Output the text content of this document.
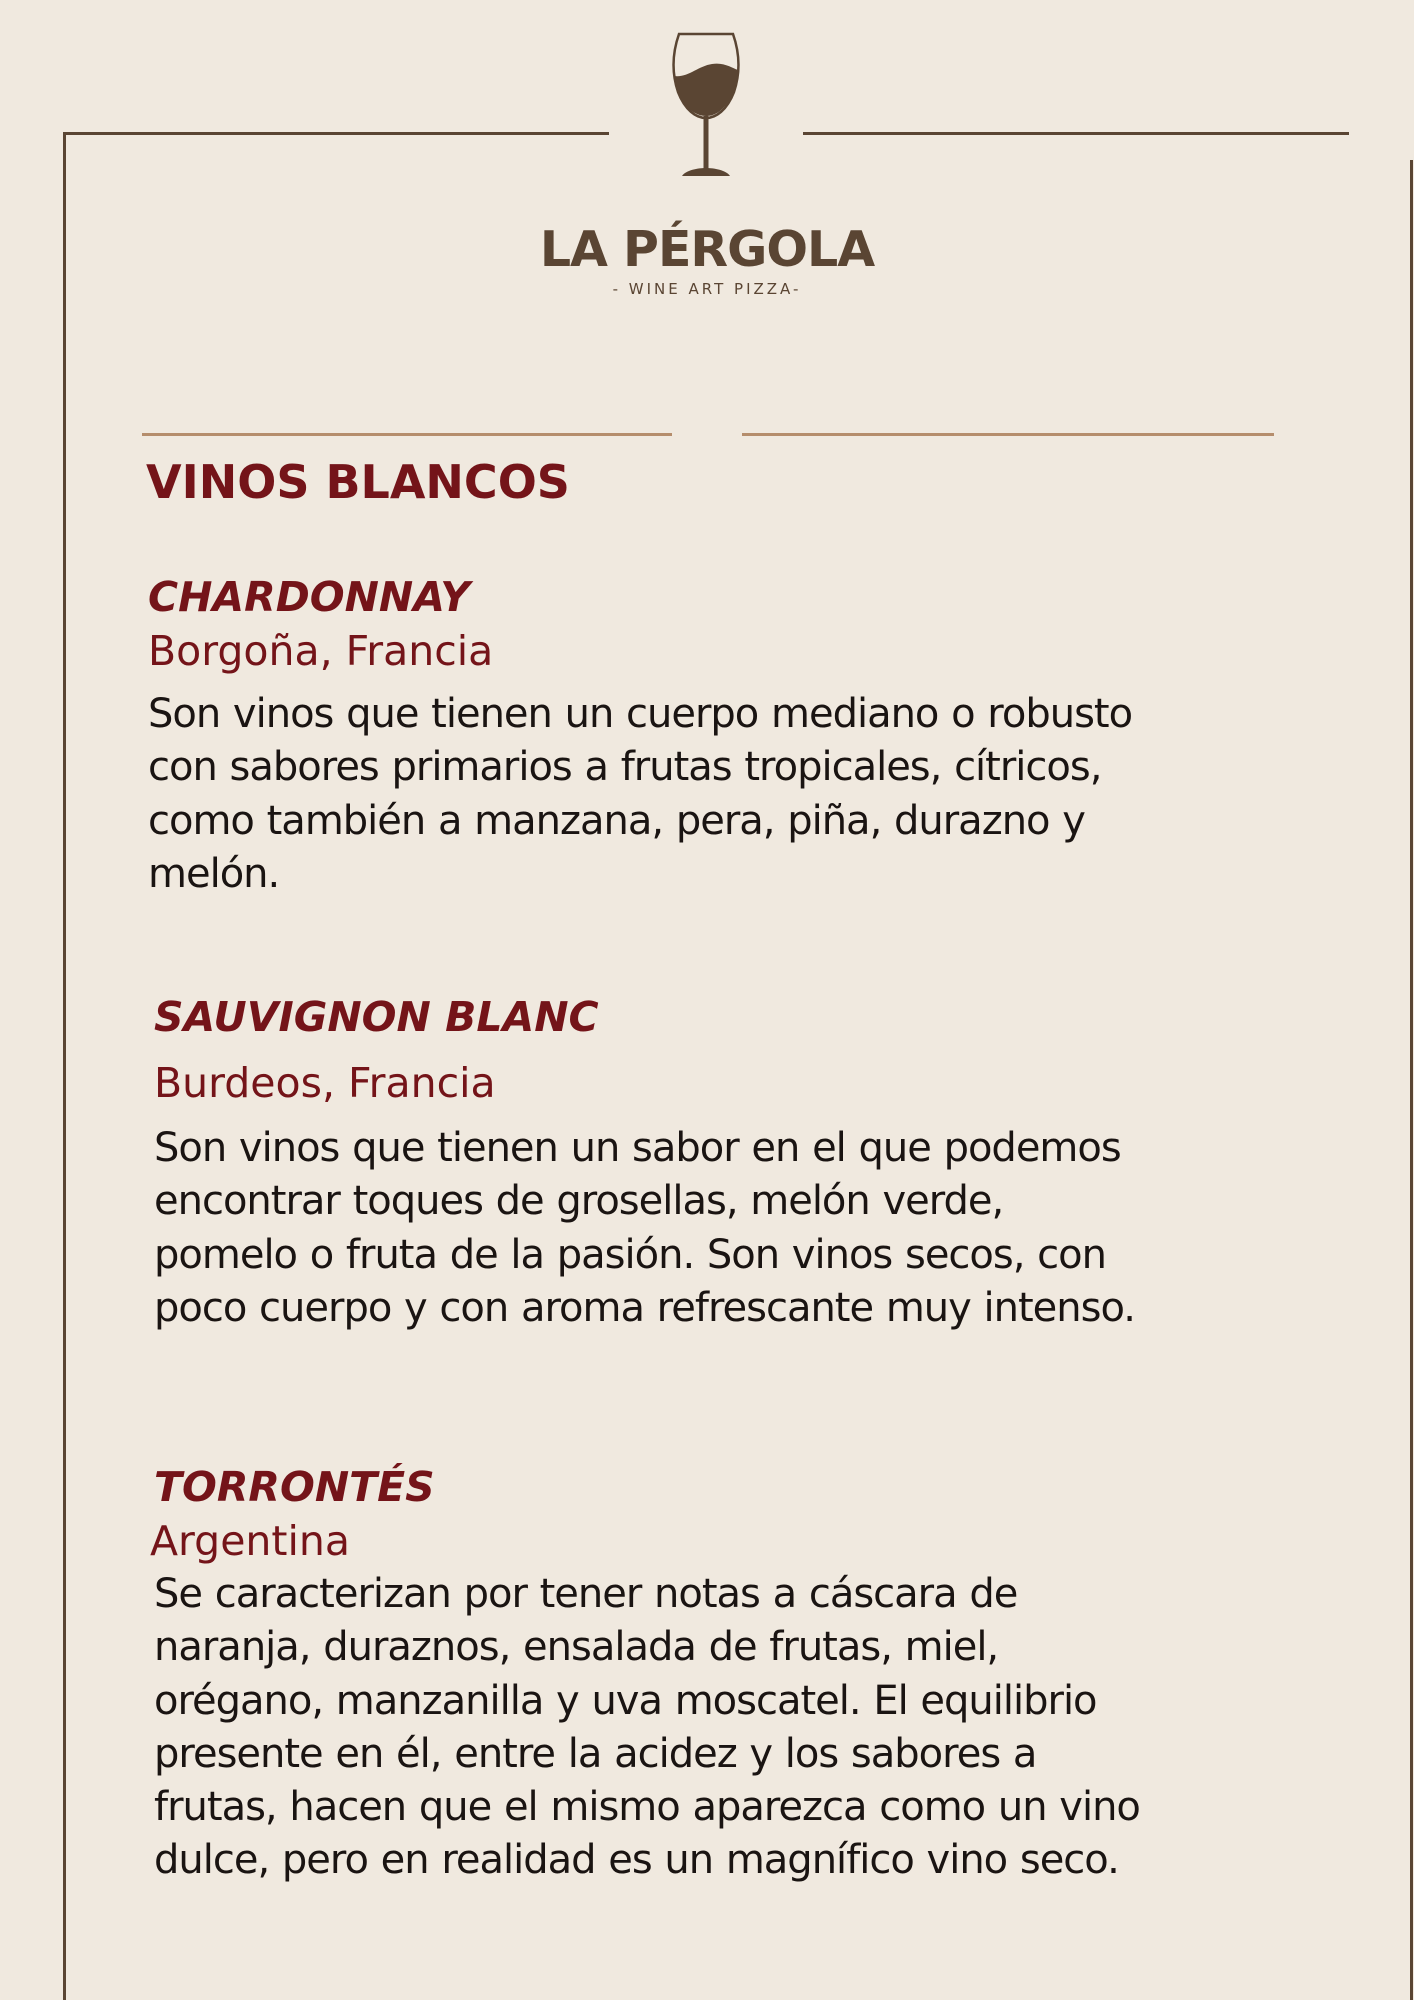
LA PÉRGOLA
- WINE ART PIZZA-
VINOS BLANCOS
CHARDONNAY
Borgoña, Francia
Son vinos que tienen un cuerpo mediano o robusto
con sabores primarios a frutas tropicales, cítricos,
como también a manzana, pera, piña, durazno y
melón.
SAUVIGNON BLANC
Burdeos, Francia
Son vinos que tienen un sabor en el que podemos
encontrar toques de grosellas, melón verde,
pomelo o fruta de la pasión. Son vinos secos, con
poco cuerpo y con aroma refrescante muy intenso.
TORRONTÉS
Argentina
Se caracterizan por tener notas a cáscara de
naranja, duraznos, ensalada de frutas, miel,
orégano, manzanilla y uva moscatel. El equilibrio
presente en él, entre la acidez y los sabores a
frutas, hacen que el mismo aparezca como un vino
dulce, pero en realidad es un magnífico vino seco.
